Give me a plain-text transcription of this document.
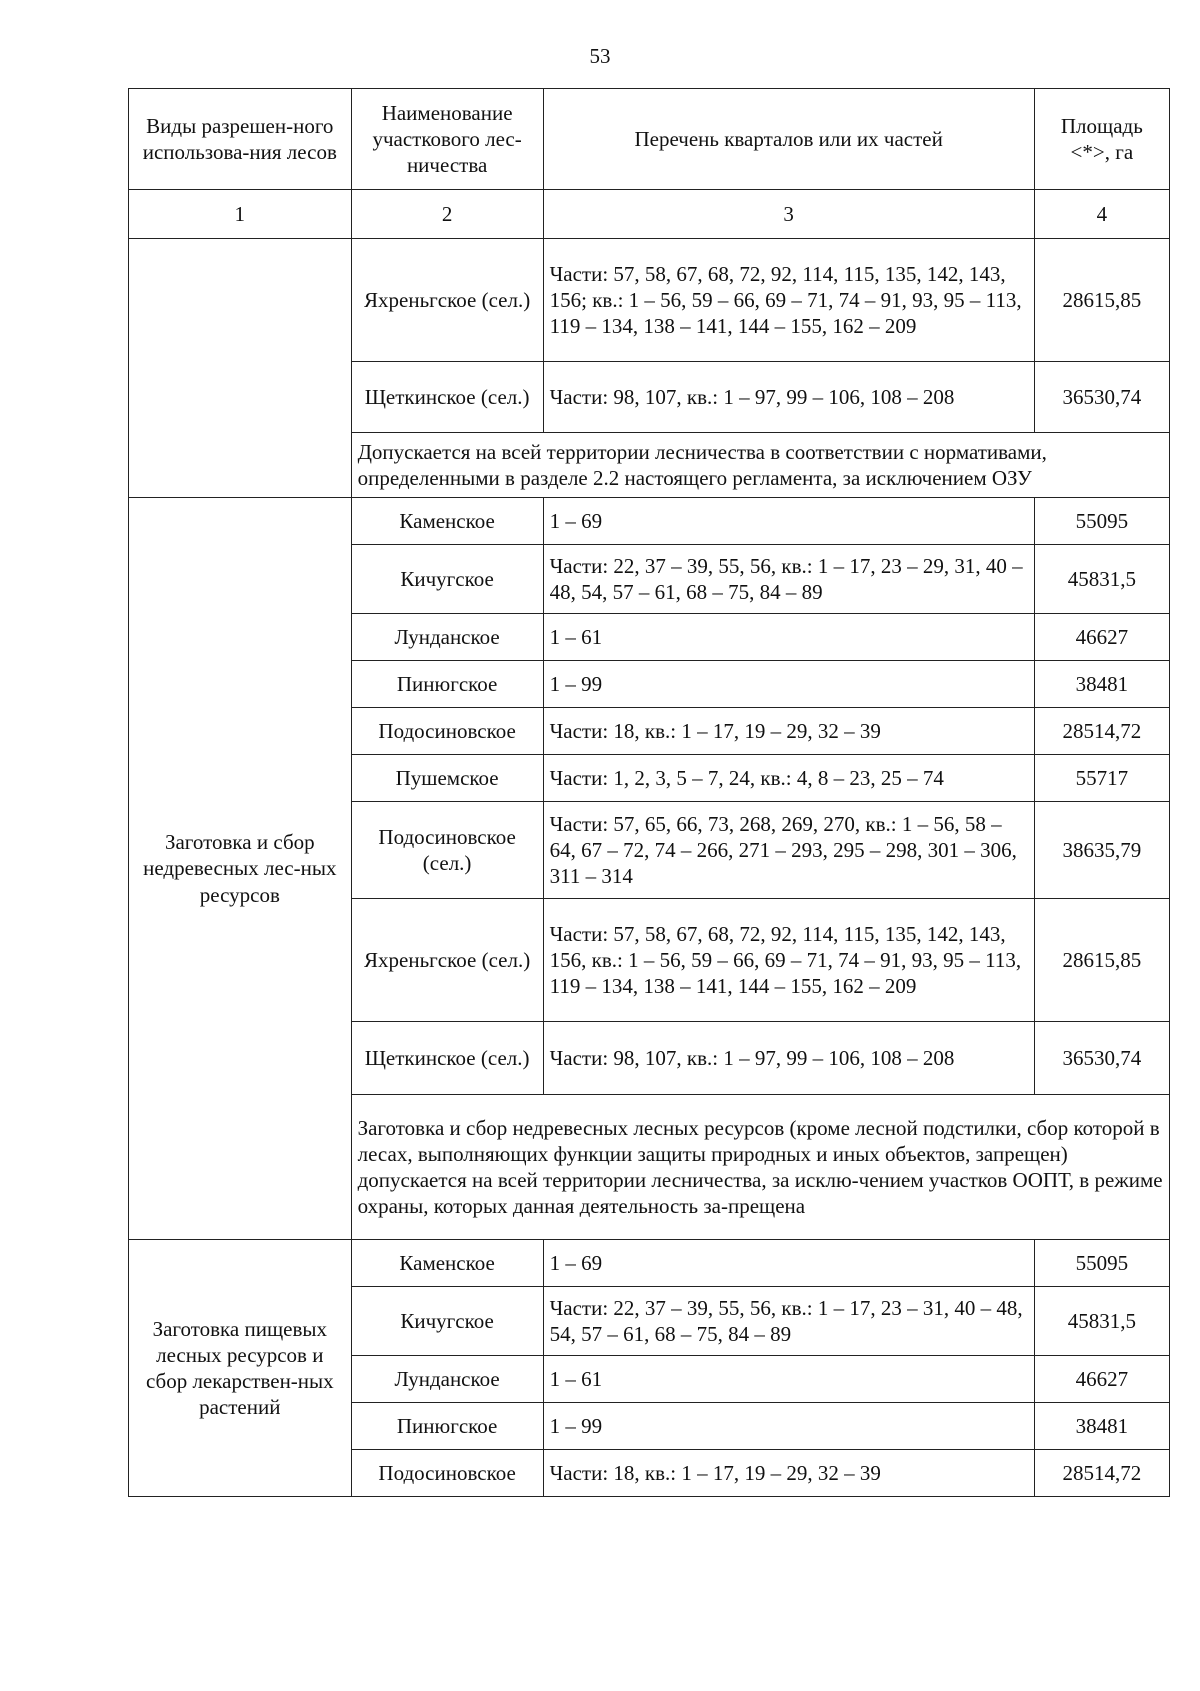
53
Виды разрешен-ного использова-ния лесов	Наименование участкового лес-ничества	Перечень кварталов или их частей	Площадь <*>, га
1	2	3	4
	Яхреньгское (сел.)	Части: 57, 58, 67, 68, 72, 92, 114, 115, 135, 142, 143, 156; кв.: 1 – 56, 59 – 66, 69 – 71, 74 – 91, 93, 95 – 113, 119 – 134, 138 – 141, 144 – 155, 162 – 209	28615,85
	Щеткинское (сел.)	Части: 98, 107, кв.: 1 – 97, 99 – 106, 108 – 208	36530,74
	Допускается на всей территории лесничества в соответствии с нормативами, определенными в разделе 2.2 настоящего регламента, за исключением ОЗУ		
Заготовка и сбор недревесных лес-ных ресурсов	Каменское	1 – 69	55095
	Кичугское	Части: 22, 37 – 39, 55, 56, кв.: 1 – 17, 23 – 29, 31, 40 – 48, 54, 57 – 61, 68 – 75, 84 – 89	45831,5
	Лунданское	1 – 61	46627
	Пинюгское	1 – 99	38481
	Подосиновское	Части: 18, кв.: 1 – 17, 19 – 29, 32 – 39	28514,72
	Пушемское	Части: 1, 2, 3, 5 – 7, 24, кв.: 4, 8 – 23, 25 – 74	55717
	Подосиновское (сел.)	Части: 57, 65, 66, 73, 268, 269, 270, кв.: 1 – 56, 58 – 64, 67 – 72, 74 – 266, 271 – 293, 295 – 298, 301 – 306, 311 – 314	38635,79
	Яхреньгское (сел.)	Части: 57, 58, 67, 68, 72, 92, 114, 115, 135, 142, 143, 156, кв.: 1 – 56, 59 – 66, 69 – 71, 74 – 91, 93, 95 – 113, 119 – 134, 138 – 141, 144 – 155, 162 – 209	28615,85
	Щеткинское (сел.)	Части: 98, 107, кв.: 1 – 97, 99 – 106, 108 – 208	36530,74
	Заготовка и сбор недревесных лесных ресурсов (кроме лесной подстилки, сбор которой в лесах, выполняющих функции защиты природных и иных объектов, запрещен) допускается на всей территории лесничества, за исклю-чением участков ООПТ, в режиме охраны, которых данная деятельность за-прещена		
Заготовка пищевых лесных ресурсов и сбор лекарствен-ных растений	Каменское	1 – 69	55095
	Кичугское	Части: 22, 37 – 39, 55, 56, кв.: 1 – 17, 23 – 31, 40 – 48, 54, 57 – 61, 68 – 75, 84 – 89	45831,5
	Лунданское	1 – 61	46627
	Пинюгское	1 – 99	38481
	Подосиновское	Части: 18, кв.: 1 – 17, 19 – 29, 32 – 39	28514,72
